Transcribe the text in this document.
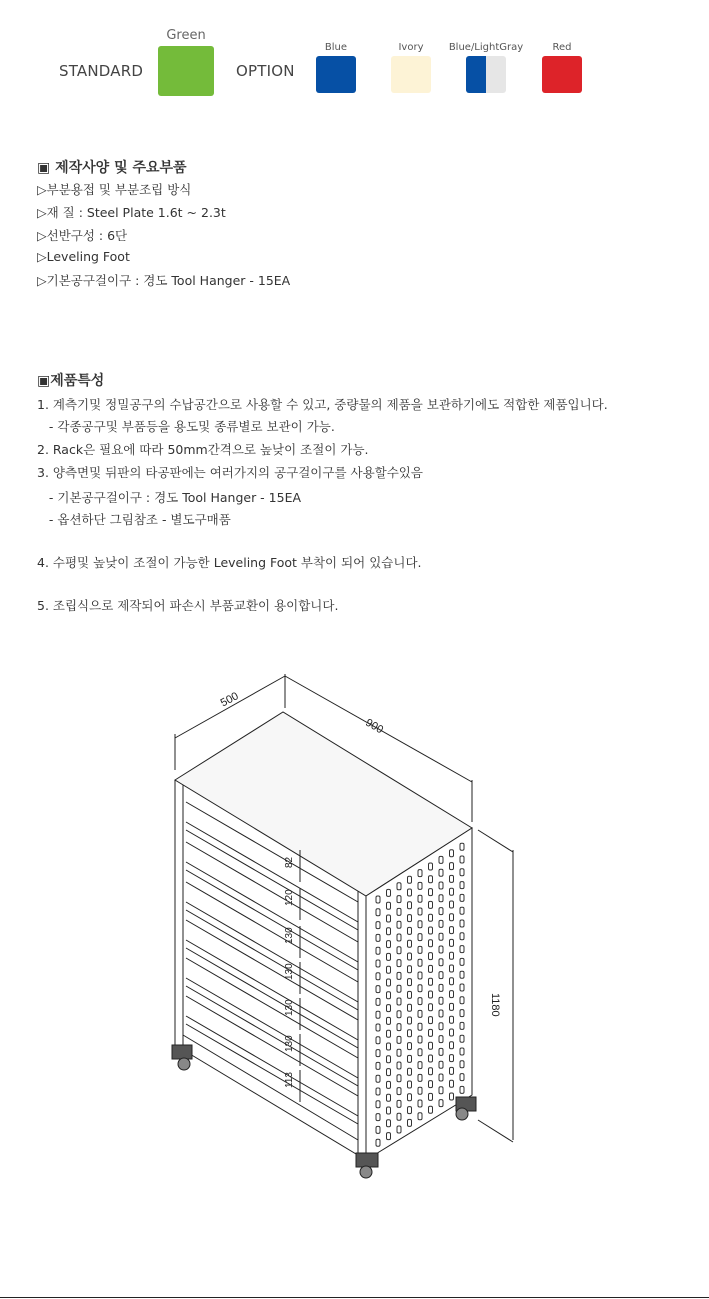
STANDARD
Green
OPTION
Blue	Ivory	Blue/LightGray	Red
▣ 제작사양 및 주요부품
▷부분용접 및 부분조립 방식
▷재 질 : Steel Plate 1.6t ~ 2.3t
▷선반구성 : 6단
▷Leveling Foot
▷기본공구걸이구 : 경도 Tool Hanger - 15EA
▣제품특성
1. 계측기및 정밀공구의 수납공간으로 사용할 수 있고, 중량물의 제품을 보관하기에도 적합한 제품입니다.
- 각종공구및 부품등을 용도및 종류별로 보관이 가능.
2. Rack은 필요에 따라 50mm간격으로 높낮이 조절이 가능.
3. 양측면및 뒤판의 타공판에는 여러가지의 공구걸이구를 사용할수있음
- 기본공구걸이구 : 경도 Tool Hanger - 15EA
- 옵션하단 그림참조 - 별도구매품
4. 수평및 높낮이 조절이 가능한 Leveling Foot 부착이 되어 있습니다.
5. 조립식으로 제작되어 파손시 부품교환이 용이합니다.
500
900
1180
82
120
130
130
130
130
113
